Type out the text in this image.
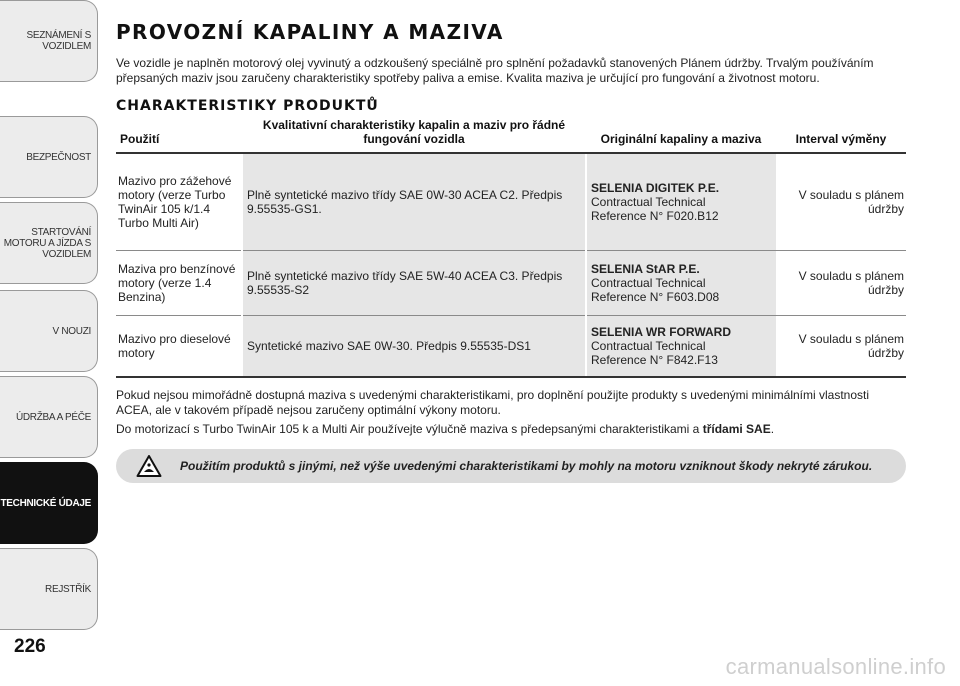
SEZNÁMENÍ S VOZIDLEM
BEZPEČNOST
STARTOVÁNÍ MOTORU A JÍZDA S VOZIDLEM
V NOUZI
ÚDRŽBA A PÉČE
TECHNICKÉ ÚDAJE
REJSTŘÍK
226
carmanualsonline.info
PROVOZNÍ KAPALINY A MAZIVA

Ve vozidle je naplněn motorový olej vyvinutý a odzkoušený speciálně pro splnění požadavků stanovených Plánem údržby. Trvalým používáním přepsaných maziv jsou zaručeny charakteristiky spotřeby paliva a emise. Kvalita maziva je určující pro fungování a životnost motoru.

CHARAKTERISTIKY PRODUKTŮ
Použití	Kvalitativní charakteristiky kapalin a maziv pro řádné fungování vozidla	Originální kapaliny a maziva	Interval výměny
Mazivo pro zážehové motory (verze Turbo TwinAir 105 k/1.4 Turbo Multi Air)	Plně syntetické mazivo třídy SAE 0W-30 ACEA C2. Předpis 9.55535-GS1.	SELENIA DIGITEK P.E.
Contractual Technical
Reference N° F020.B12	V souladu s plánem údržby
Maziva pro benzínové motory (verze 1.4 Benzina)	Plně syntetické mazivo třídy SAE 5W-40 ACEA C3. Předpis 9.55535-S2	SELENIA StAR P.E.
Contractual Technical
Reference N° F603.D08	V souladu s plánem údržby
Mazivo pro dieselové motory	Syntetické mazivo SAE 0W-30. Předpis 9.55535-DS1	SELENIA WR FORWARD
Contractual Technical
Reference N° F842.F13	V souladu s plánem údržby

Pokud nejsou mimořádně dostupná maziva s uvedenými charakteristikami, pro doplnění použijte produkty s uvedenými minimálními vlastnosti ACEA, ale v takovém případě nejsou zaručeny optimální výkony motoru.

Do motorizací s Turbo TwinAir 105 k a Multi Air používejte výlučně maziva s předepsanými charakteristikami a třídami SAE.

Použitím produktů s jinými, než výše uvedenými charakteristikami by mohly na motoru vzniknout škody nekryté zárukou.
